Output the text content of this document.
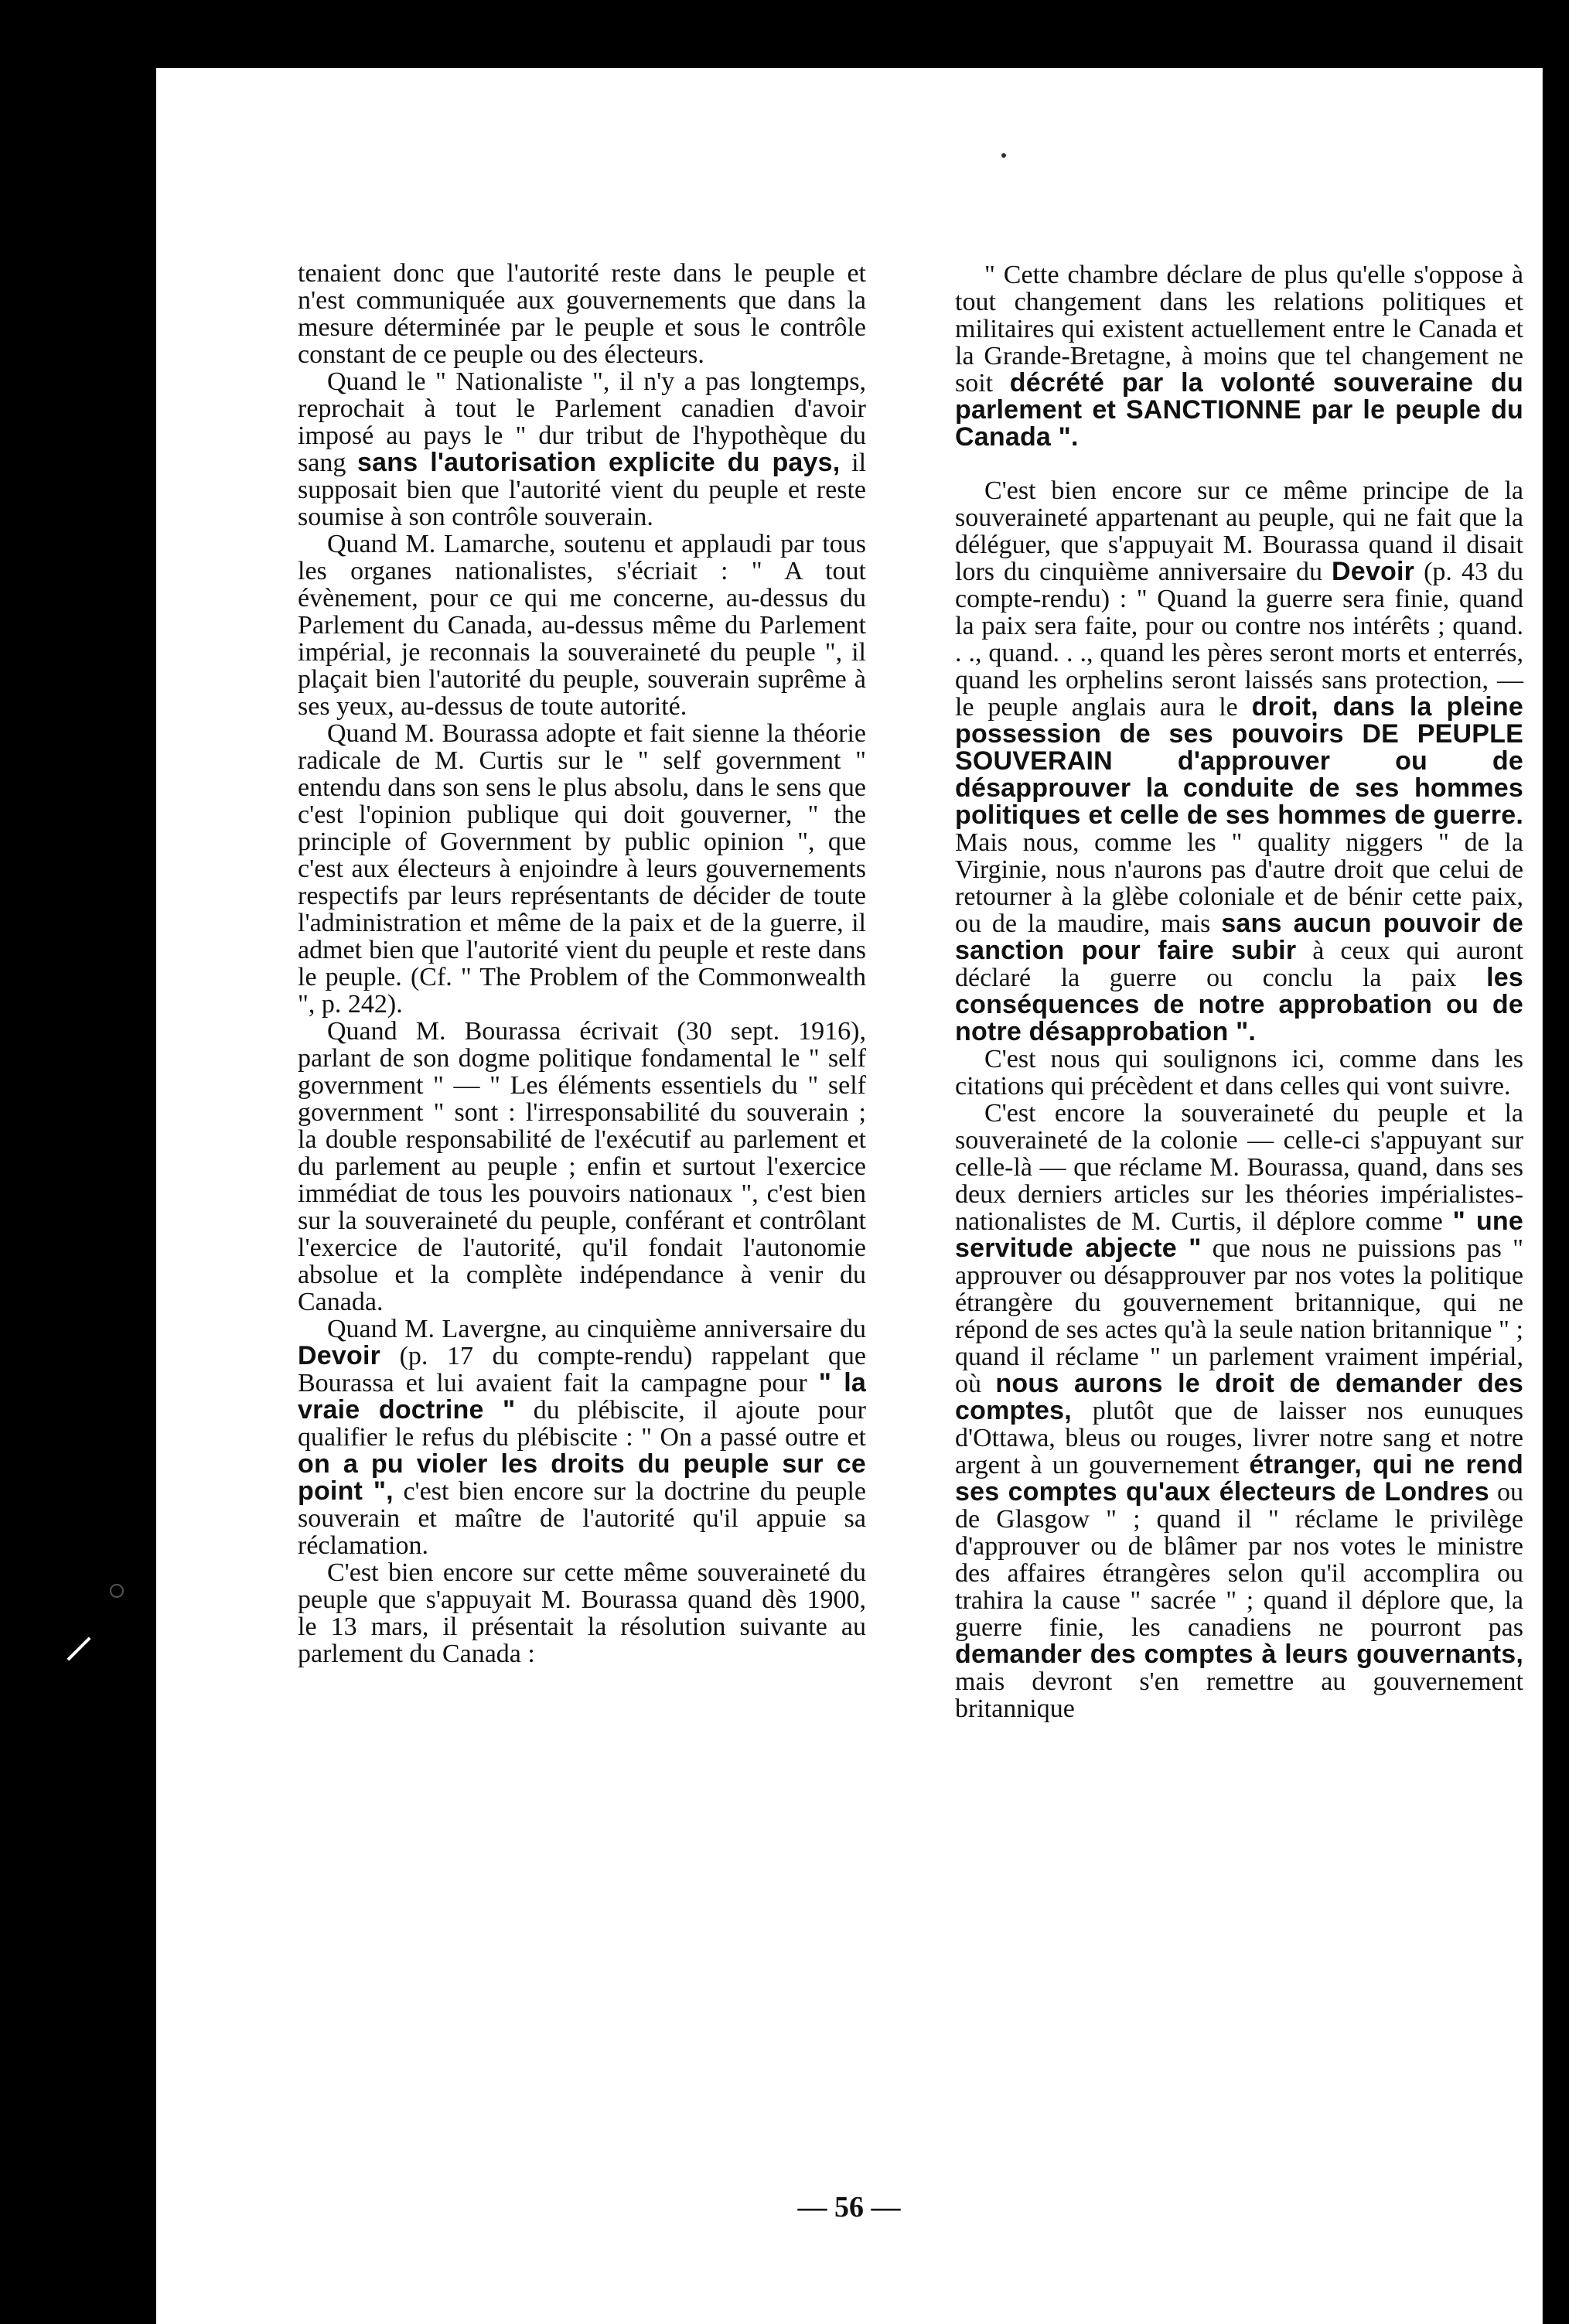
tenaient donc que l'autorité reste dans le peuple et n'est communiquée aux gouvernements que dans la mesure déterminée par le peuple et sous le contrôle constant de ce peuple ou des électeurs.

Quand le " Nationaliste ", il n'y a pas longtemps, reprochait à tout le Parlement canadien d'avoir imposé au pays le " dur tribut de l'hypothèque du sang sans l'autorisation explicite du pays, il supposait bien que l'autorité vient du peuple et reste soumise à son contrôle souverain.

Quand M. Lamarche, soutenu et applaudi par tous les organes nationalistes, s'écriait : " A tout évènement, pour ce qui me concerne, au-dessus du Parlement du Canada, au-dessus même du Parlement impérial, je reconnais la souveraineté du peuple ", il plaçait bien l'autorité du peuple, souverain suprême à ses yeux, au-dessus de toute autorité.

Quand M. Bourassa adopte et fait sienne la théorie radicale de M. Curtis sur le " self government " entendu dans son sens le plus absolu, dans le sens que c'est l'opinion publique qui doit gouverner, " the principle of Government by public opinion ", que c'est aux électeurs à enjoindre à leurs gouvernements respectifs par leurs représentants de décider de toute l'administration et même de la paix et de la guerre, il admet bien que l'autorité vient du peuple et reste dans le peuple. (Cf. " The Problem of the Commonwealth ", p. 242).

Quand M. Bourassa écrivait (30 sept. 1916), parlant de son dogme politique fondamental le " self government " — " Les éléments essentiels du " self government " sont : l'irresponsabilité du souverain ; la double responsabilité de l'exécutif au parlement et du parlement au peuple ; enfin et surtout l'exercice immédiat de tous les pouvoirs nationaux ", c'est bien sur la souveraineté du peuple, conférant et contrôlant l'exercice de l'autorité, qu'il fondait l'autonomie absolue et la complète indépendance à venir du Canada.

Quand M. Lavergne, au cinquième anniversaire du Devoir (p. 17 du compte-rendu) rappelant que Bourassa et lui avaient fait la campagne pour " la vraie doctrine " du plébiscite, il ajoute pour qualifier le refus du plébiscite : " On a passé outre et on a pu violer les droits du peuple sur ce point ", c'est bien encore sur la doctrine du peuple souverain et maître de l'autorité qu'il appuie sa réclamation.

C'est bien encore sur cette même souveraineté du peuple que s'appuyait M. Bourassa quand dès 1900, le 13 mars, il présentait la résolution suivante au parlement du Canada :

" Cette chambre déclare de plus qu'elle s'oppose à tout changement dans les relations politiques et militaires qui existent actuellement entre le Canada et la Grande-Bretagne, à moins que tel changement ne soit décrété par la volonté souveraine du parlement et SANCTIONNE par le peuple du Canada ".

C'est bien encore sur ce même principe de la souveraineté appartenant au peuple, qui ne fait que la déléguer, que s'appuyait M. Bourassa quand il disait lors du cinquième anniversaire du Devoir (p. 43 du compte-rendu) : " Quand la guerre sera finie, quand la paix sera faite, pour ou contre nos intérêts ; quand. . ., quand. . ., quand les pères seront morts et enterrés, quand les orphelins seront laissés sans protection, — le peuple anglais aura le droit, dans la pleine possession de ses pouvoirs DE PEUPLE SOUVERAIN d'approuver ou de désapprouver la conduite de ses hommes politiques et celle de ses hommes de guerre. Mais nous, comme les " quality niggers " de la Virginie, nous n'aurons pas d'autre droit que celui de retourner à la glèbe coloniale et de bénir cette paix, ou de la maudire, mais sans aucun pouvoir de sanction pour faire subir à ceux qui auront déclaré la guerre ou conclu la paix les conséquences de notre approbation ou de notre désapprobation ".

C'est nous qui soulignons ici, comme dans les citations qui précèdent et dans celles qui vont suivre.

C'est encore la souveraineté du peuple et la souveraineté de la colonie — celle-ci s'appuyant sur celle-là — que réclame M. Bourassa, quand, dans ses deux derniers articles sur les théories impérialistes-nationalistes de M. Curtis, il déplore comme " une servitude abjecte " que nous ne puissions pas " approuver ou désapprouver par nos votes la politique étrangère du gouvernement britannique, qui ne répond de ses actes qu'à la seule nation britannique " ; quand il réclame " un parlement vraiment impérial, où nous aurons le droit de demander des comptes, plutôt que de laisser nos eunuques d'Ottawa, bleus ou rouges, livrer notre sang et notre argent à un gouvernement étranger, qui ne rend ses comptes qu'aux électeurs de Londres ou de Glasgow " ; quand il " réclame le privilège d'approuver ou de blâmer par nos votes le ministre des affaires étrangères selon qu'il accomplira ou trahira la cause " sacrée " ; quand il déplore que, la guerre finie, les canadiens ne pourront pas demander des comptes à leurs gouvernants, mais devront s'en remettre au gouvernement britannique

— 56 —
